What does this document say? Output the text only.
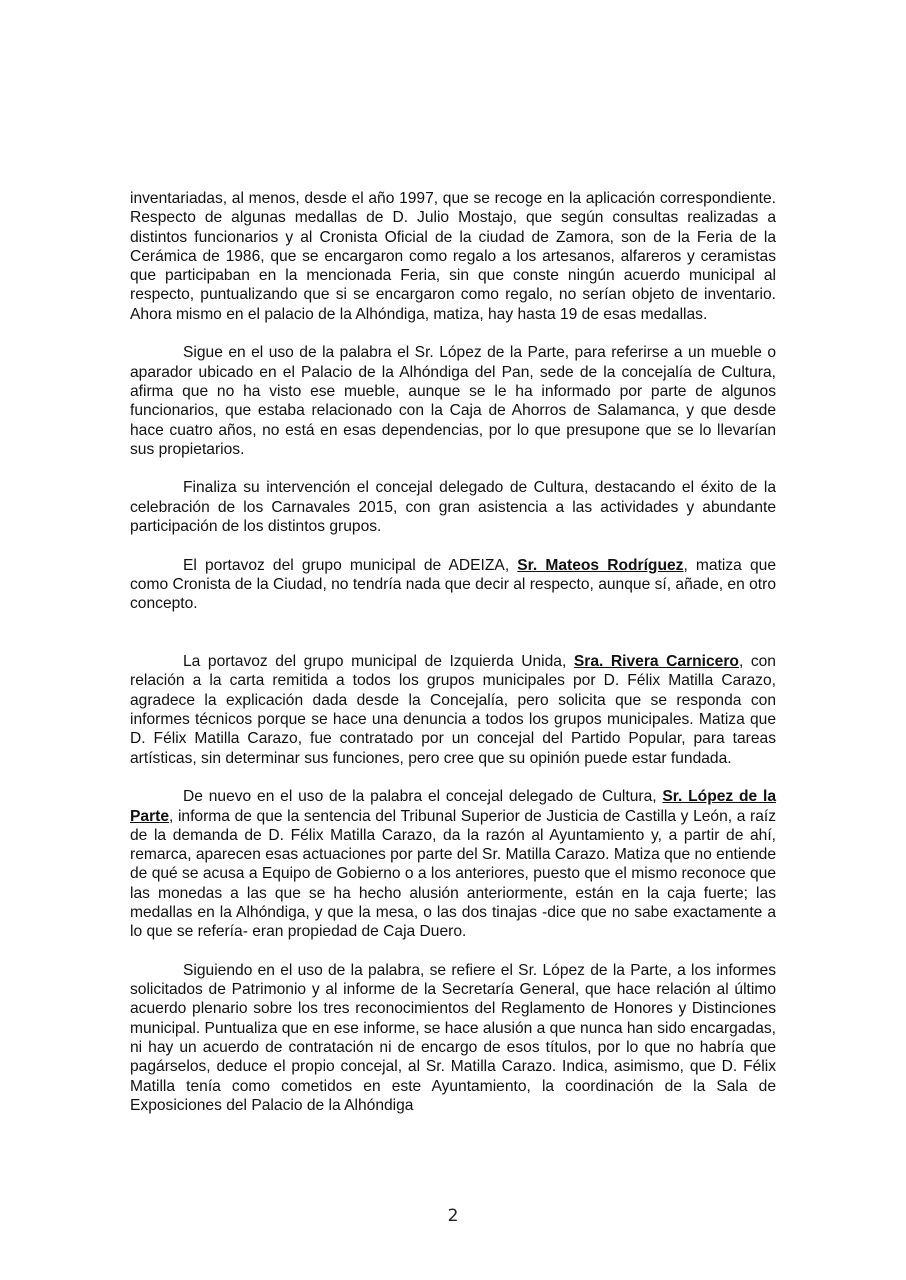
inventariadas, al menos, desde el año 1997, que se recoge en la aplicación correspondiente. Respecto de algunas medallas de D. Julio Mostajo, que según consultas realizadas a distintos funcionarios y al Cronista Oficial de la ciudad de Zamora, son de la Feria de la Cerámica de 1986, que se encargaron como regalo a los artesanos, alfareros y ceramistas que participaban en la mencionada Feria, sin que conste ningún acuerdo municipal al respecto, puntualizando que si se encargaron como regalo, no serían objeto de inventario. Ahora mismo en el palacio de la Alhóndiga, matiza, hay hasta 19 de esas medallas.

Sigue en el uso de la palabra el Sr. López de la Parte, para referirse a un mueble o aparador ubicado en el Palacio de la Alhóndiga del Pan, sede de la concejalía de Cultura, afirma que no ha visto ese mueble, aunque se le ha informado por parte de algunos funcionarios, que estaba relacionado con la Caja de Ahorros de Salamanca, y que desde hace cuatro años, no está en esas dependencias, por lo que presupone que se lo llevarían sus propietarios.

Finaliza su intervención el concejal delegado de Cultura, destacando el éxito de la celebración de los Carnavales 2015, con gran asistencia a las actividades y abundante participación de los distintos grupos.

El portavoz del grupo municipal de ADEIZA, Sr. Mateos Rodríguez, matiza que como Cronista de la Ciudad, no tendría nada que decir al respecto, aunque sí, añade, en otro concepto.

La portavoz del grupo municipal de Izquierda Unida, Sra. Rivera Carnicero, con relación a la carta remitida a todos los grupos municipales por D. Félix Matilla Carazo, agradece la explicación dada desde la Concejalía, pero solicita que se responda con informes técnicos porque se hace una denuncia a todos los grupos municipales. Matiza que D. Félix Matilla Carazo, fue contratado por un concejal del Partido Popular, para tareas artísticas, sin determinar sus funciones, pero cree que su opinión puede estar fundada.

De nuevo en el uso de la palabra el concejal delegado de Cultura, Sr. López de la Parte, informa de que la sentencia del Tribunal Superior de Justicia de Castilla y León, a raíz de la demanda de D. Félix Matilla Carazo, da la razón al Ayuntamiento y, a partir de ahí, remarca, aparecen esas actuaciones por parte del Sr. Matilla Carazo. Matiza que no entiende de qué se acusa a Equipo de Gobierno o a los anteriores, puesto que el mismo reconoce que las monedas a las que se ha hecho alusión anteriormente, están en la caja fuerte; las medallas en la Alhóndiga, y que la mesa, o las dos tinajas -dice que no sabe exactamente a lo que se refería- eran propiedad de Caja Duero.

Siguiendo en el uso de la palabra, se refiere el Sr. López de la Parte, a los informes solicitados de Patrimonio y al informe de la Secretaría General, que hace relación al último acuerdo plenario sobre los tres reconocimientos del Reglamento de Honores y Distinciones municipal. Puntualiza que en ese informe, se hace alusión a que nunca han sido encargadas, ni hay un acuerdo de contratación ni de encargo de esos títulos, por lo que no habría que pagárselos, deduce el propio concejal, al Sr. Matilla Carazo. Indica, asimismo, que D. Félix Matilla tenía como cometidos en este Ayuntamiento, la coordinación de la Sala de Exposiciones del Palacio de la Alhóndiga

2
